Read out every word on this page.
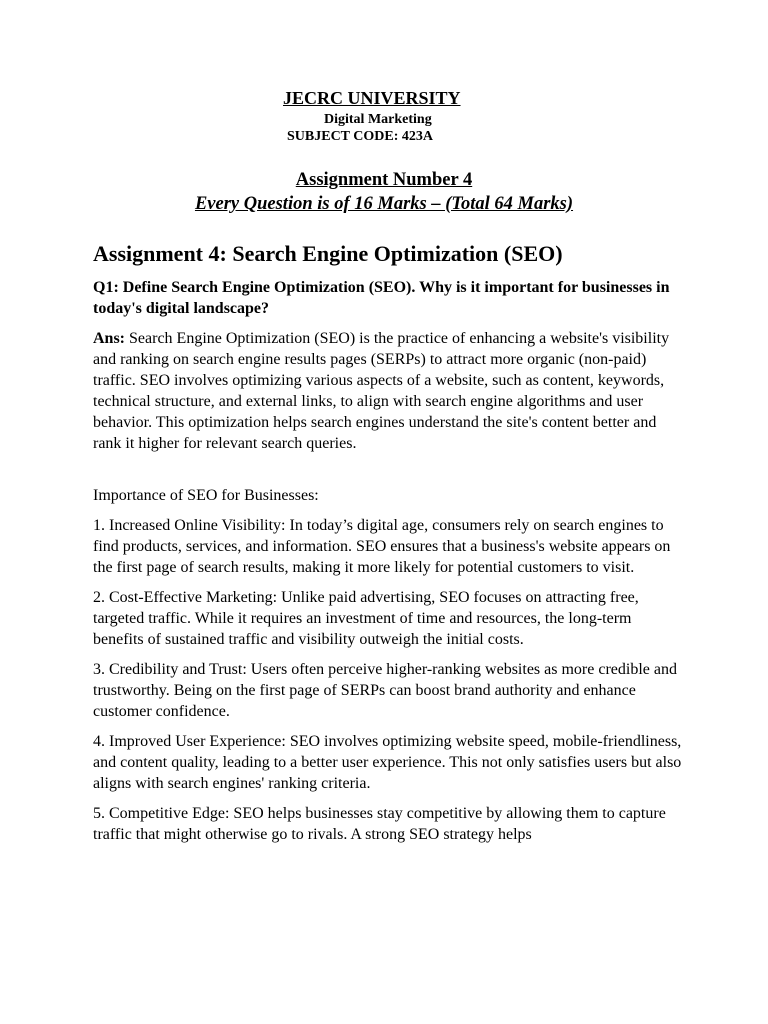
JECRC UNIVERSITY
Digital Marketing
SUBJECT CODE: 423A
Assignment Number 4
Every Question is of 16 Marks – (Total 64 Marks)
Assignment 4: Search Engine Optimization (SEO)
Q1: Define Search Engine Optimization (SEO). Why is it important for businesses in today's digital landscape?

Ans: Search Engine Optimization (SEO) is the practice of enhancing a website's visibility and ranking on search engine results pages (SERPs) to attract more organic (non-paid) traffic. SEO involves optimizing various aspects of a website, such as content, keywords, technical structure, and external links, to align with search engine algorithms and user behavior. This optimization helps search engines understand the site's content better and rank it higher for relevant search queries.

Importance of SEO for Businesses:

1. Increased Online Visibility: In today’s digital age, consumers rely on search engines to find products, services, and information. SEO ensures that a business's website appears on the first page of search results, making it more likely for potential customers to visit.

2. Cost-Effective Marketing: Unlike paid advertising, SEO focuses on attracting free, targeted traffic. While it requires an investment of time and resources, the long-term benefits of sustained traffic and visibility outweigh the initial costs.

3. Credibility and Trust: Users often perceive higher-ranking websites as more credible and trustworthy. Being on the first page of SERPs can boost brand authority and enhance customer confidence.

4. Improved User Experience: SEO involves optimizing website speed, mobile-friendliness, and content quality, leading to a better user experience. This not only satisfies users but also aligns with search engines' ranking criteria.

5. Competitive Edge: SEO helps businesses stay competitive by allowing them to capture traffic that might otherwise go to rivals. A strong SEO strategy helps
